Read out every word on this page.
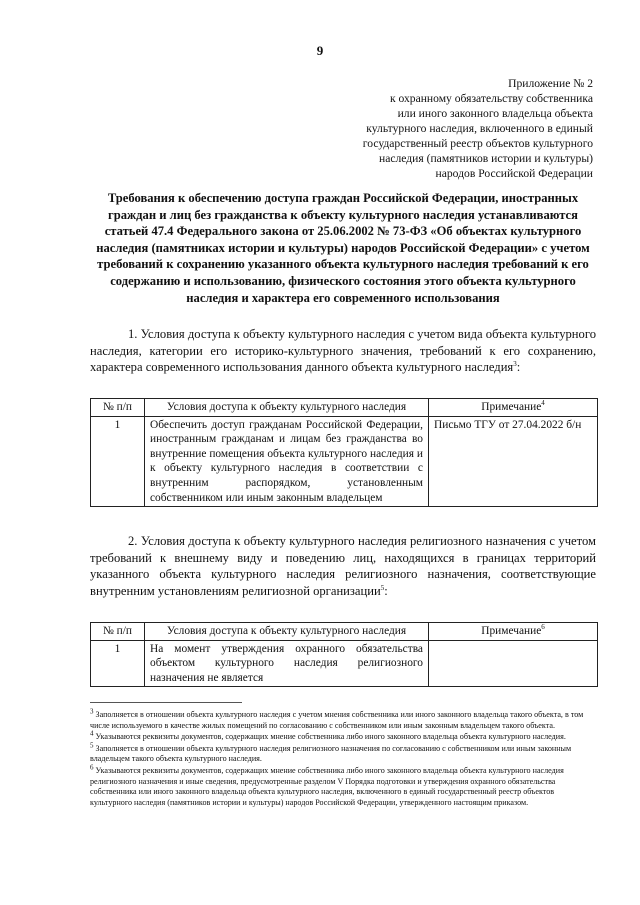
9
Приложение № 2
к охранному обязательству собственника
или иного законного владельца объекта
культурного наследия, включенного в единый
государственный реестр объектов культурного
наследия (памятников истории и культуры)
народов Российской Федерации
Требования к обеспечению доступа граждан Российской Федерации, иностранных граждан и лиц без гражданства к объекту культурного наследия устанавливаются статьей 47.4 Федерального закона от 25.06.2002 № 73-ФЗ «Об объектах культурного наследия (памятниках истории и культуры) народов Российской Федерации» с учетом требований к сохранению указанного объекта культурного наследия требований к его содержанию и использованию, физического состояния этого объекта культурного наследия и характера его современного использования
1. Условия доступа к объекту культурного наследия с учетом вида объекта культурного наследия, категории его историко-культурного значения, требований к его сохранению, характера современного использования данного объекта культурного наследия$^3$:
№ п/п	Условия доступа к объекту культурного наследия	Примечание$^4$
1	Обеспечить доступ гражданам Российской Федерации, иностранным гражданам и лицам без гражданства во внутренние помещения объекта культурного наследия и к объекту культурного наследия в соответствии с внутренним распорядком, установленным собственником или иным законным владельцем	Письмо ТГУ от 27.04.2022 б/н
2. Условия доступа к объекту культурного наследия религиозного назначения с учетом требований к внешнему виду и поведению лиц, находящихся в границах территорий указанного объекта культурного наследия религиозного назначения, соответствующие внутренним установлениям религиозной организации$^5$:
№ п/п	Условия доступа к объекту культурного наследия	Примечание$^6$
1	На момент утверждения охранного обязательства объектом культурного наследия религиозного назначения не является	

$^3$ Заполняется в отношении объекта культурного наследия с учетом мнения собственника или иного законного владельца такого объекта, в том числе используемого в качестве жилых помещений по согласованию с собственником или иным законным владельцем такого объекта.

$^4$ Указываются реквизиты документов, содержащих мнение собственника либо иного законного владельца объекта культурного наследия.

$^5$ Заполняется в отношении объекта культурного наследия религиозного назначения по согласованию с собственником или иным законным владельцем такого объекта культурного наследия.

$^6$ Указываются реквизиты документов, содержащих мнение собственника либо иного законного владельца объекта культурного наследия религиозного назначения и иные сведения, предусмотренные разделом V Порядка подготовки и утверждения охранного обязательства собственника или иного законного владельца объекта культурного наследия, включенного в единый государственный реестр объектов культурного наследия (памятников истории и культуры) народов Российской Федерации, утвержденного настоящим приказом.
